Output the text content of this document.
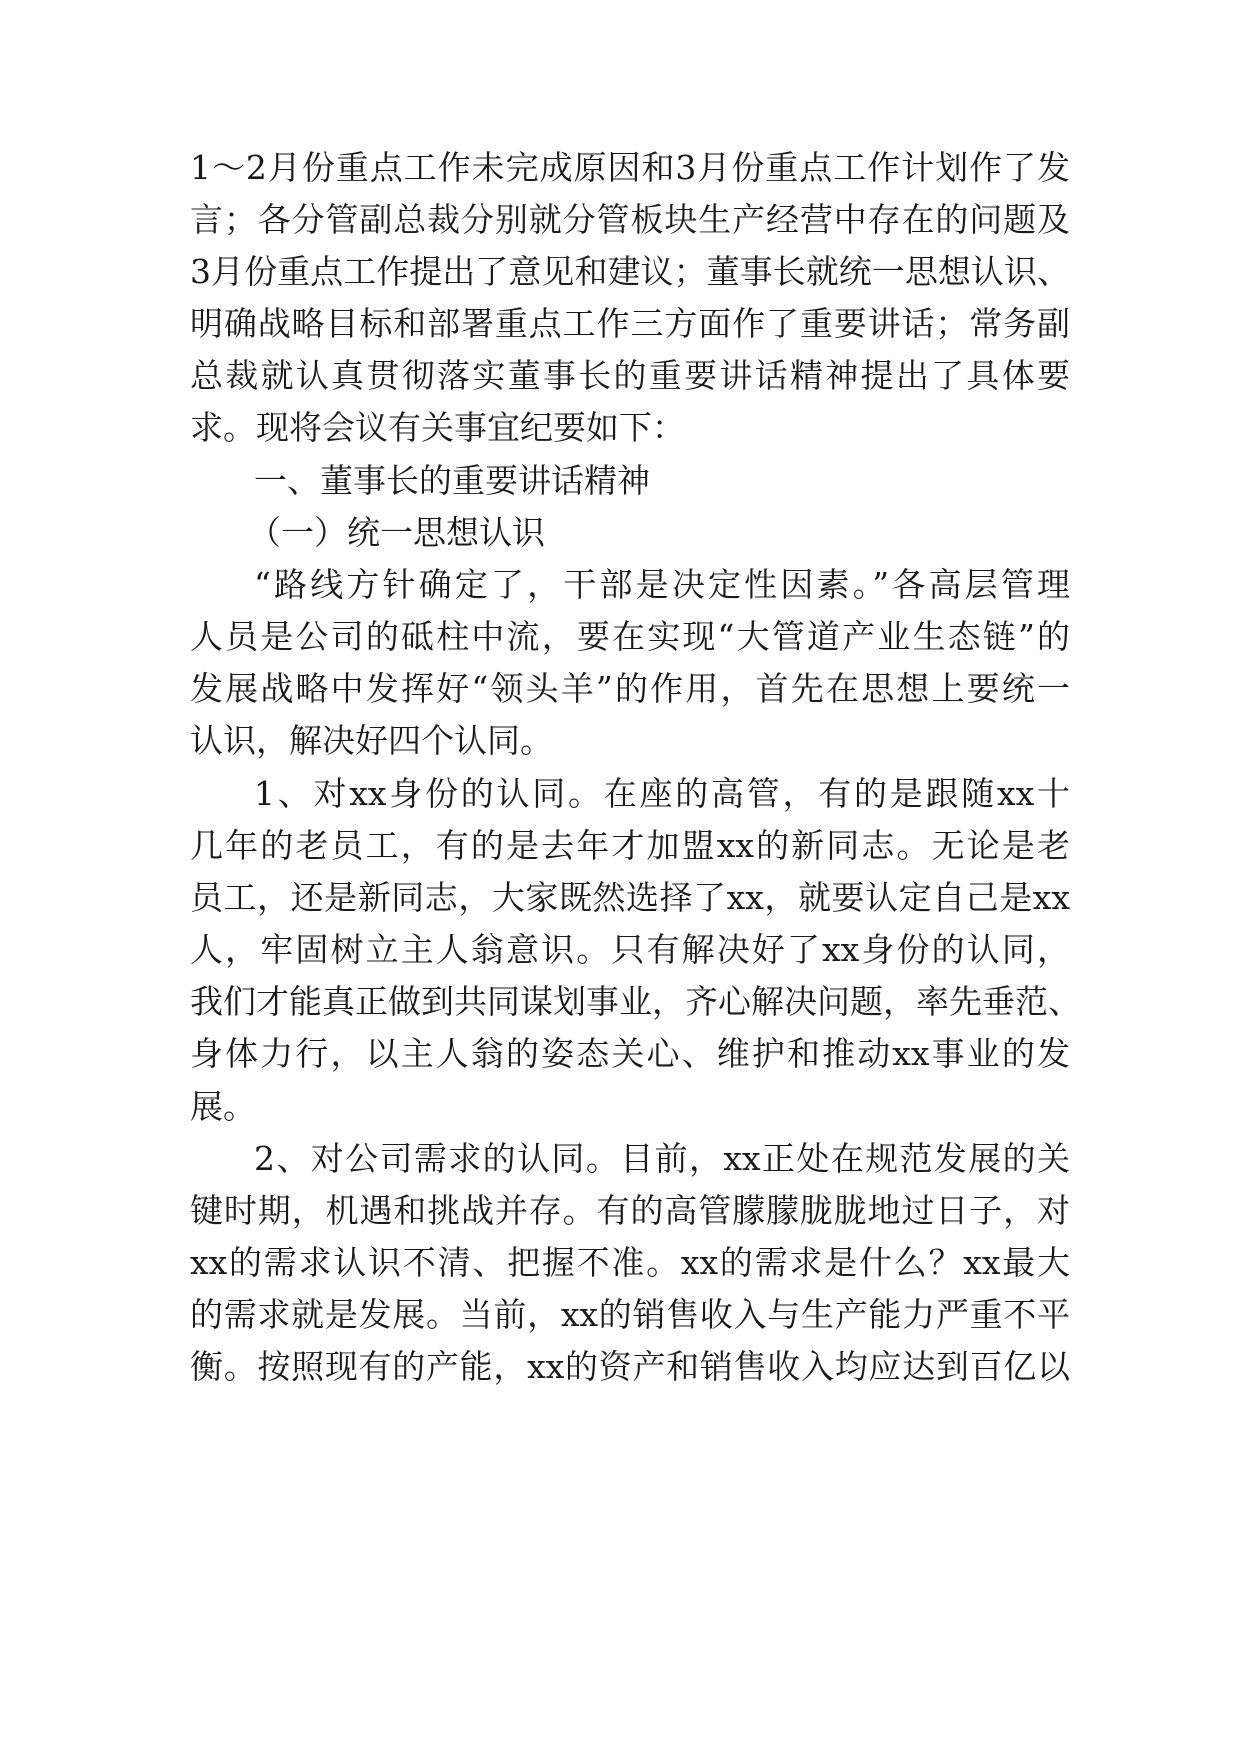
1～2月份重点工作未完成原因和3月份重点工作计划作了发
言；各分管副总裁分别就分管板块生产经营中存在的问题及
3月份重点工作提出了意见和建议；董事长就统一思想认识、
明确战略目标和部署重点工作三方面作了重要讲话；常务副
总裁就认真贯彻落实董事长的重要讲话精神提出了具体要
求。现将会议有关事宜纪要如下：
一、董事长的重要讲话精神
（一）统一思想认识
“路线方针确定了，干部是决定性因素。”各高层管理
人员是公司的砥柱中流，要在实现“大管道产业生态链”的
发展战略中发挥好“领头羊”的作用，首先在思想上要统一
认识，解决好四个认同。
1、对xx身份的认同。在座的高管，有的是跟随xx十
几年的老员工，有的是去年才加盟xx的新同志。无论是老
员工，还是新同志，大家既然选择了xx，就要认定自己是xx
人，牢固树立主人翁意识。只有解决好了xx身份的认同，
我们才能真正做到共同谋划事业，齐心解决问题，率先垂范、
身体力行，以主人翁的姿态关心、维护和推动xx事业的发
展。
2、对公司需求的认同。目前，xx正处在规范发展的关
键时期，机遇和挑战并存。有的高管朦朦胧胧地过日子，对
xx的需求认识不清、把握不准。xx的需求是什么？xx最大
的需求就是发展。当前，xx的销售收入与生产能力严重不平
衡。按照现有的产能，xx的资产和销售收入均应达到百亿以
